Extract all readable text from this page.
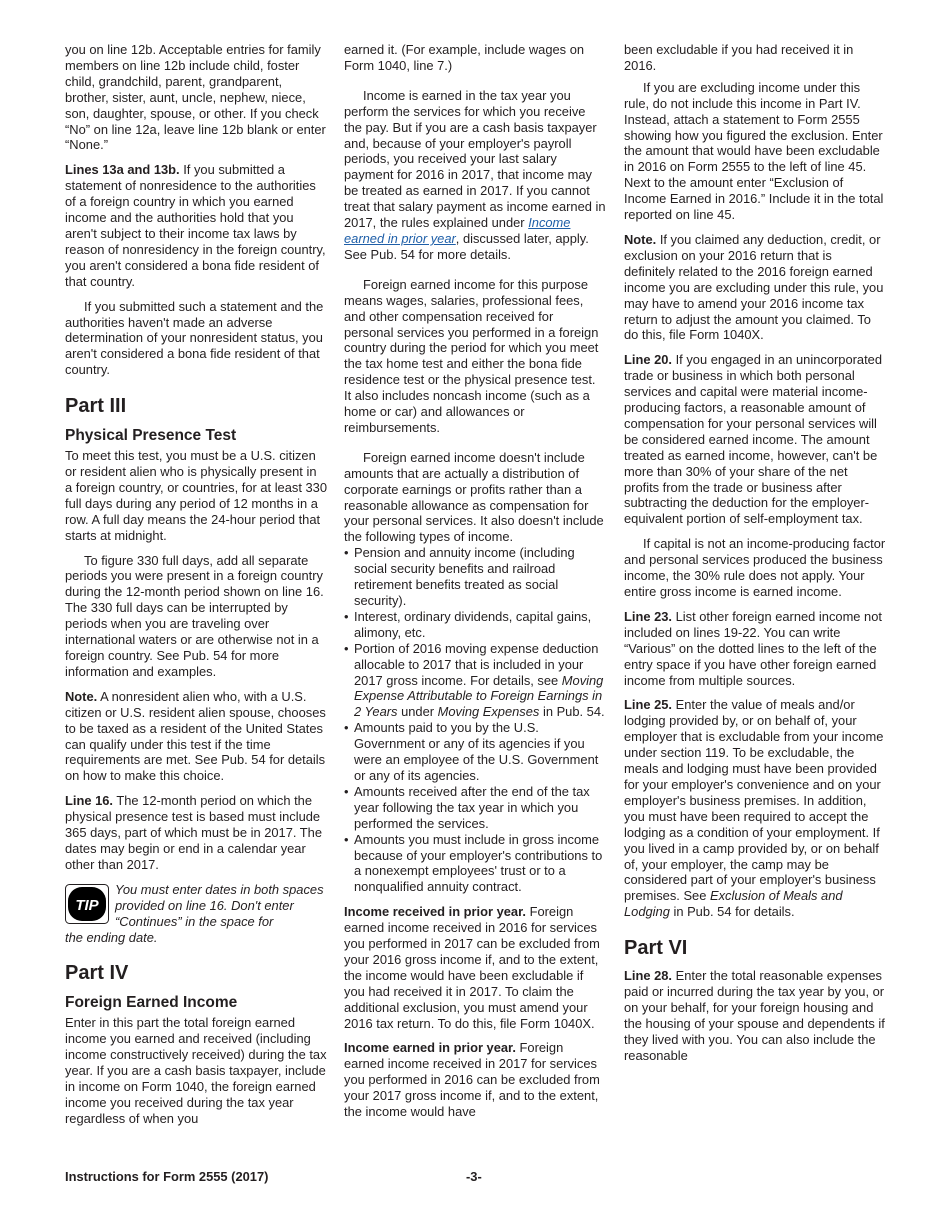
you on line 12b. Acceptable entries for family members on line 12b include child, foster child, grandchild, parent, grandparent, brother, sister, aunt, uncle, nephew, niece, son, daughter, spouse, or other. If you check “No” on line 12a, leave line 12b blank or enter “None.”

Lines 13a and 13b. If you submitted a statement of nonresidence to the authorities of a foreign country in which you earned income and the authorities hold that you aren't subject to their income tax laws by reason of nonresidency in the foreign country, you aren't considered a bona fide resident of that country.

If you submitted such a statement and the authorities haven't made an adverse determination of your nonresident status, you aren't considered a bona fide resident of that country.

Part III
Physical Presence Test

To meet this test, you must be a U.S. citizen or resident alien who is physically present in a foreign country, or countries, for at least 330 full days during any period of 12 months in a row. A full day means the 24-hour period that starts at midnight.

To figure 330 full days, add all separate periods you were present in a foreign country during the 12-month period shown on line 16. The 330 full days can be interrupted by periods when you are traveling over international waters or are otherwise not in a foreign country. See Pub. 54 for more information and examples.

Note. A nonresident alien who, with a U.S. citizen or U.S. resident alien spouse, chooses to be taxed as a resident of the United States can qualify under this test if the time requirements are met. See Pub. 54 for details on how to make this choice.

Line 16. The 12-month period on which the physical presence test is based must include 365 days, part of which must be in 2017. The dates may begin or end in a calendar year other than 2017.

TIP
You must enter dates in both spaces provided on line 16. Don't enter “Continues” in the space for
the ending date.
Part IV
Foreign Earned Income

Enter in this part the total foreign earned income you earned and received (including income constructively received) during the tax year. If you are a cash basis taxpayer, include in income on Form 1040, the foreign earned income you received during the tax year regardless of when you

earned it. (For example, include wages on Form 1040, line 7.)

Income is earned in the tax year you perform the services for which you receive the pay. But if you are a cash basis taxpayer and, because of your employer's payroll periods, you received your last salary payment for 2016 in 2017, that income may be treated as earned in 2017. If you cannot treat that salary payment as income earned in 2017, the rules explained under Income earned in prior year, discussed later, apply. See Pub. 54 for more details.

Foreign earned income for this purpose means wages, salaries, professional fees, and other compensation received for personal services you performed in a foreign country during the period for which you meet the tax home test and either the bona fide residence test or the physical presence test. It also includes noncash income (such as a home or car) and allowances or reimbursements.

Foreign earned income doesn't include amounts that are actually a distribution of corporate earnings or profits rather than a reasonable allowance as compensation for your personal services. It also doesn't include the following types of income.

• Pension and annuity income (including social security benefits and railroad retirement benefits treated as social security).
• Interest, ordinary dividends, capital gains, alimony, etc.
• Portion of 2016 moving expense deduction allocable to 2017 that is included in your 2017 gross income. For details, see Moving Expense Attributable to Foreign Earnings in 2 Years under Moving Expenses in Pub. 54.
• Amounts paid to you by the U.S. Government or any of its agencies if you were an employee of the U.S. Government or any of its agencies.
• Amounts received after the end of the tax year following the tax year in which you performed the services.
• Amounts you must include in gross income because of your employer's contributions to a nonexempt employees' trust or to a nonqualified annuity contract.

Income received in prior year. Foreign earned income received in 2016 for services you performed in 2017 can be excluded from your 2016 gross income if, and to the extent, the income would have been excludable if you had received it in 2017. To claim the additional exclusion, you must amend your 2016 tax return. To do this, file Form 1040X.

Income earned in prior year. Foreign earned income received in 2017 for services you performed in 2016 can be excluded from your 2017 gross income if, and to the extent, the income would have

been excludable if you had received it in 2016.

If you are excluding income under this rule, do not include this income in Part IV. Instead, attach a statement to Form 2555 showing how you figured the exclusion. Enter the amount that would have been excludable in 2016 on Form 2555 to the left of line 45. Next to the amount enter “Exclusion of Income Earned in 2016.” Include it in the total reported on line 45.

Note. If you claimed any deduction, credit, or exclusion on your 2016 return that is definitely related to the 2016 foreign earned income you are excluding under this rule, you may have to amend your 2016 income tax return to adjust the amount you claimed. To do this, file Form 1040X.

Line 20. If you engaged in an unincorporated trade or business in which both personal services and capital were material income-producing factors, a reasonable amount of compensation for your personal services will be considered earned income. The amount treated as earned income, however, can't be more than 30% of your share of the net profits from the trade or business after subtracting the deduction for the employer-equivalent portion of self-employment tax.

If capital is not an income-producing factor and personal services produced the business income, the 30% rule does not apply. Your entire gross income is earned income.

Line 23. List other foreign earned income not included on lines 19-22. You can write “Various” on the dotted lines to the left of the entry space if you have other foreign earned income from multiple sources.

Line 25. Enter the value of meals and/or lodging provided by, or on behalf of, your employer that is excludable from your income under section 119. To be excludable, the meals and lodging must have been provided for your employer's convenience and on your employer's business premises. In addition, you must have been required to accept the lodging as a condition of your employment. If you lived in a camp provided by, or on behalf of, your employer, the camp may be considered part of your employer's business premises. See Exclusion of Meals and Lodging in Pub. 54 for details.

Part VI

Line 28. Enter the total reasonable expenses paid or incurred during the tax year by you, or on your behalf, for your foreign housing and the housing of your spouse and dependents if they lived with you. You can also include the reasonable

Instructions for Form 2555 (2017)	-3-
